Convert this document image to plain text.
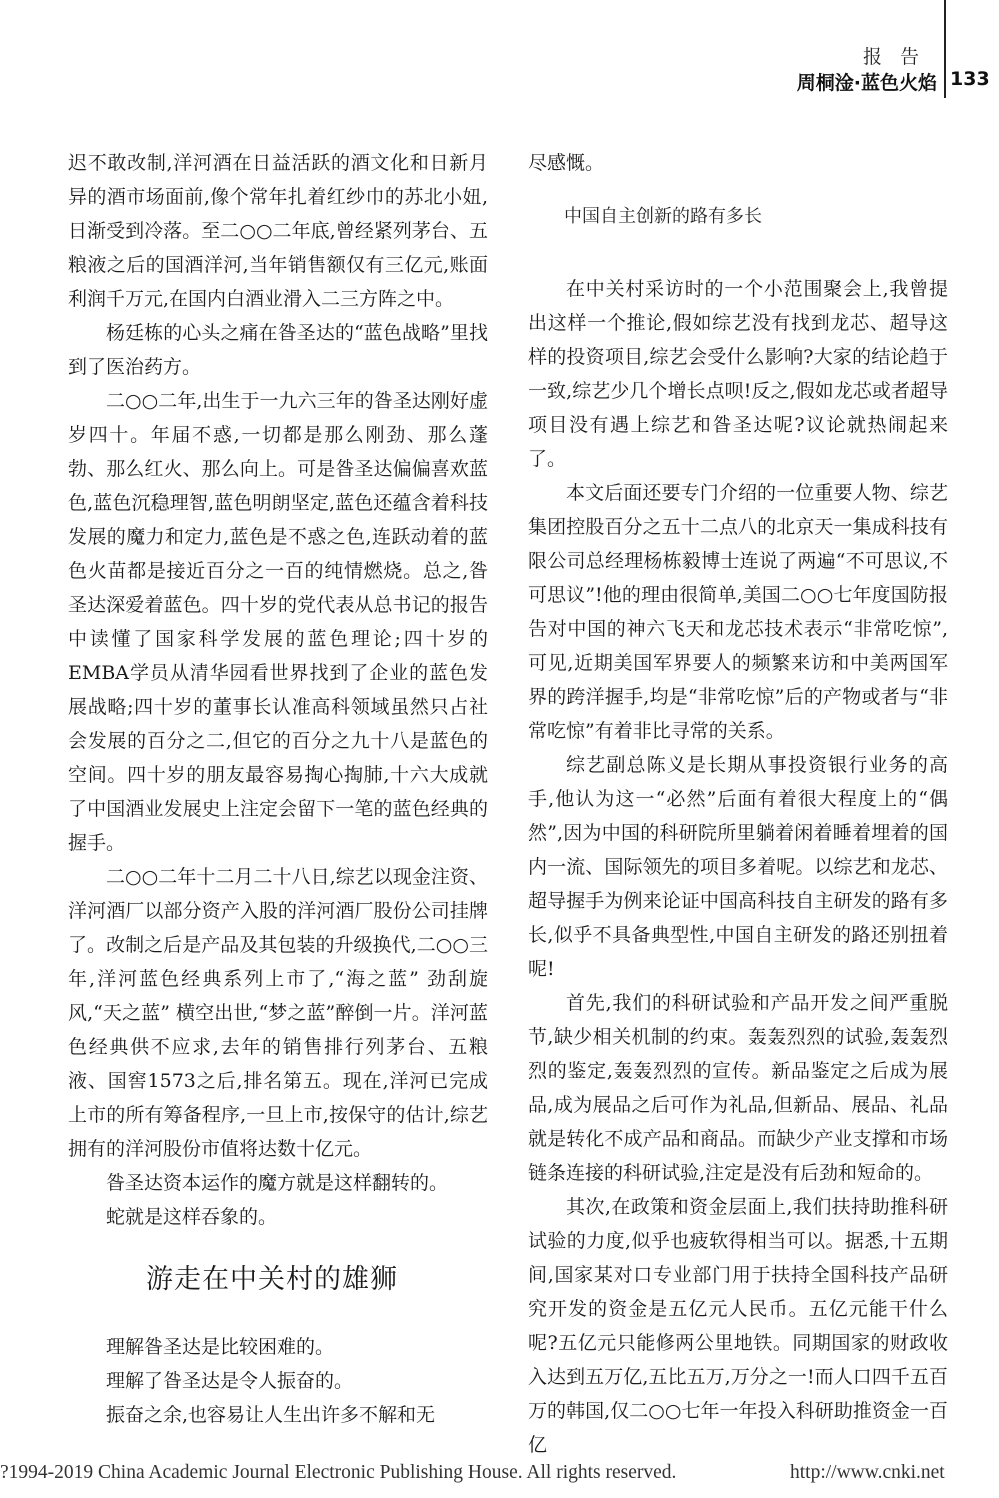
报告
周桐淦·蓝色火焰 133

迟不敢改制,洋河酒在日益活跃的酒文化和日新月异的酒市场面前,像个常年扎着红纱巾的苏北小妞,日渐受到冷落。至二○○二年底,曾经紧列茅台、五粮液之后的国酒洋河,当年销售额仅有三亿元,账面利润千万元,在国内白酒业滑入二三方阵之中。

杨廷栋的心头之痛在昝圣达的“蓝色战略”里找到了医治药方。

二○○二年,出生于一九六三年的昝圣达刚好虚岁四十。年届不惑,一切都是那么刚劲、那么蓬勃、那么红火、那么向上。可是昝圣达偏偏喜欢蓝色,蓝色沉稳理智,蓝色明朗坚定,蓝色还蕴含着科技发展的魔力和定力,蓝色是不惑之色,连跃动着的蓝色火苗都是接近百分之一百的纯情燃烧。总之,昝圣达深爱着蓝色。四十岁的党代表从总书记的报告中读懂了国家科学发展的蓝色理论;四十岁的EMBA学员从清华园看世界找到了企业的蓝色发展战略;四十岁的董事长认准高科领域虽然只占社会发展的百分之二,但它的百分之九十八是蓝色的空间。四十岁的朋友最容易掏心掏肺,十六大成就了中国酒业发展史上注定会留下一笔的蓝色经典的握手。

二○○二年十二月二十八日,综艺以现金注资、洋河酒厂以部分资产入股的洋河酒厂股份公司挂牌了。改制之后是产品及其包装的升级换代,二○○三年,洋河蓝色经典系列上市了,“海之蓝” 劲刮旋风,“天之蓝” 横空出世,“梦之蓝”醉倒一片。洋河蓝色经典供不应求,去年的销售排行列茅台、五粮液、国窖1573之后,排名第五。现在,洋河已完成上市的所有筹备程序,一旦上市,按保守的估计,综艺拥有的洋河股份市值将达数十亿元。

昝圣达资本运作的魔方就是这样翻转的。

蛇就是这样吞象的。

游走在中关村的雄狮

理解昝圣达是比较困难的。

理解了昝圣达是令人振奋的。

振奋之余,也容易让人生出许多不解和无

尽感慨。

中国自主创新的路有多长

在中关村采访时的一个小范围聚会上,我曾提出这样一个推论,假如综艺没有找到龙芯、超导这样的投资项目,综艺会受什么影响?大家的结论趋于一致,综艺少几个增长点呗!反之,假如龙芯或者超导项目没有遇上综艺和昝圣达呢?议论就热闹起来了。

本文后面还要专门介绍的一位重要人物、综艺集团控股百分之五十二点八的北京天一集成科技有限公司总经理杨栋毅博士连说了两遍“不可思议,不可思议”!他的理由很简单,美国二○○七年度国防报告对中国的神六飞天和龙芯技术表示“非常吃惊”,可见,近期美国军界要人的频繁来访和中美两国军界的跨洋握手,均是“非常吃惊”后的产物或者与“非常吃惊”有着非比寻常的关系。

综艺副总陈义是长期从事投资银行业务的高手,他认为这一“必然”后面有着很大程度上的“偶然”,因为中国的科研院所里躺着闲着睡着埋着的国内一流、国际领先的项目多着呢。以综艺和龙芯、超导握手为例来论证中国高科技自主研发的路有多长,似乎不具备典型性,中国自主研发的路还别扭着呢!

首先,我们的科研试验和产品开发之间严重脱节,缺少相关机制的约束。轰轰烈烈的试验,轰轰烈烈的鉴定,轰轰烈烈的宣传。新品鉴定之后成为展品,成为展品之后可作为礼品,但新品、展品、礼品就是转化不成产品和商品。而缺少产业支撑和市场链条连接的科研试验,注定是没有后劲和短命的。

其次,在政策和资金层面上,我们扶持助推科研试验的力度,似乎也疲软得相当可以。据悉,十五期间,国家某对口专业部门用于扶持全国科技产品研究开发的资金是五亿元人民币。五亿元能干什么呢?五亿元只能修两公里地铁。同期国家的财政收入达到五万亿,五比五万,万分之一!而人口四千五百万的韩国,仅二○○七年一年投入科研助推资金一百亿

?1994-2019 China Academic Journal Electronic Publishing House. All rights reserved.	http://www.cnki.net
